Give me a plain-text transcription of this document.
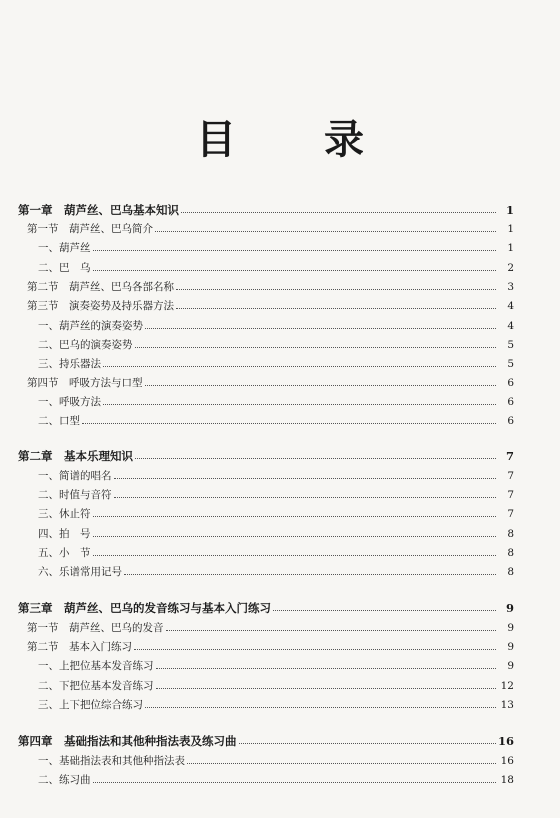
目 录
第一章　葫芦丝、巴乌基本知识	1
第一节　葫芦丝、巴乌简介	1
一、葫芦丝	1
二、巴　乌	2
第二节　葫芦丝、巴乌各部名称	3
第三节　演奏姿势及持乐器方法	4
一、葫芦丝的演奏姿势	4
二、巴乌的演奏姿势	5
三、持乐器法	5
第四节　呼吸方法与口型	6
一、呼吸方法	6
二、口型	6
第二章　基本乐理知识	7
一、简谱的唱名	7
二、时值与音符	7
三、休止符	7
四、拍　号	8
五、小　节	8
六、乐谱常用记号	8
第三章　葫芦丝、巴乌的发音练习与基本入门练习	9
第一节　葫芦丝、巴乌的发音	9
第二节　基本入门练习	9
一、上把位基本发音练习	9
二、下把位基本发音练习	12
三、上下把位综合练习	13
第四章　基础指法和其他种指法表及练习曲	16
一、基础指法表和其他种指法表	16
二、练习曲	18
